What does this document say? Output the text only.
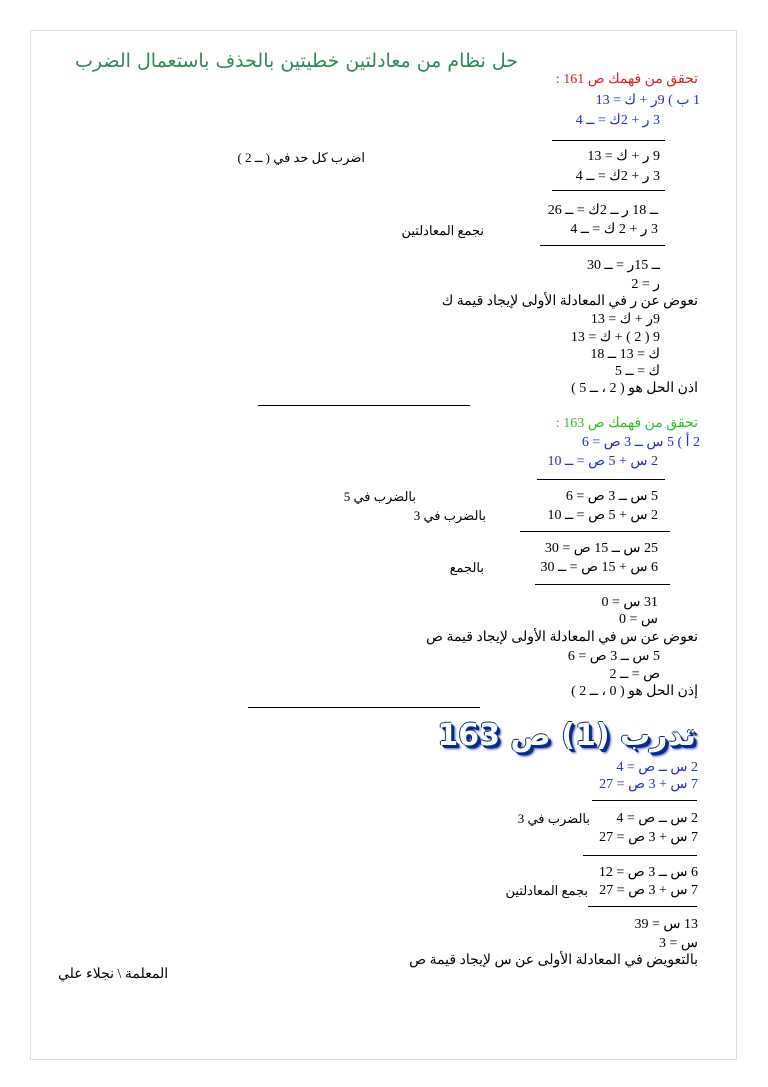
حل نظام من معادلتين خطيتين بالحذف باستعمال الضرب
تحقق من فهمك ص 161 :
1 ب ) 9ر + ك = 13
3 ر + 2ك = ــ 4
9 ر + ك = 13
اضرب كل حد في ( ــ 2 )
3 ر + 2ك = ــ 4
ــ 18 ر ــ 2ك = ــ 26
3 ر + 2 ك = ــ 4
نجمع المعادلتين
ــ 15ر = ــ 30
ر = 2
نعوض عن ر في المعادلة الأولى لإيجاد قيمة ك
9ر + ك = 13
9 ( 2 ) + ك = 13
ك = 13 ــ 18
ك = ــ 5
اذن الحل هو ( 2 ، ــ 5 )
تحقق من فهمك ص 163 :
2 أ ) 5 س ــ 3 ص = 6
2 س + 5 ص = ــ 10
5 س ــ 3 ص = 6
بالضرب في 5
2 س + 5 ص = ــ 10
بالضرب في 3
25 س ــ 15 ص = 30
6 س + 15 ص = ــ 30
بالجمع
31 س = 0
س = 0
نعوض عن س في المعادلة الأولى لإيجاد قيمة ص
5 س ــ 3 ص = 6
ص = ــ 2
إذن الحل هو ( 0 ، ــ 2 )
تدرب (1) ص 163
2 س ــ ص = 4
7 س + 3 ص = 27
2 س ــ ص = 4
بالضرب في 3
7 س + 3 ص = 27
6 س ــ 3 ص = 12
7 س + 3 ص = 27
بجمع المعادلتين
13 س = 39
س = 3
بالتعويض في المعادلة الأولى عن س لإيجاد قيمة ص
المعلمة \ نجلاء علي
